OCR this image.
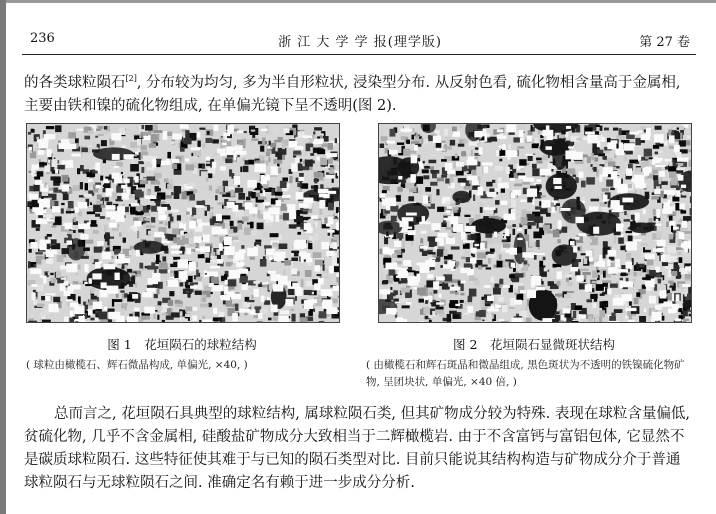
236	浙 江 大 学 学 报(理学版)	第 27 卷
的各类球粒陨石[2], 分布较为均匀, 多为半自形粒状, 浸染型分布. 从反射色看, 硫化物相含量高于金属相, 主要由铁和镍的硫化物组成, 在单偏光镜下呈不透明(图 2).
图 1　花垣陨石的球粒结构	图 2　花垣陨石显微斑状结构
( 球粒由橄榄石、辉石微晶构成, 单偏光, ×40, )	( 由橄榄石和辉石斑晶和微晶组成, 黑色斑状为不透明的铁镍硫化物矿物, 呈团块状, 单偏光, ×40 倍, )
总而言之, 花垣陨石具典型的球粒结构, 属球粒陨石类, 但其矿物成分较为特殊. 表现在球粒含量偏低, 贫硫化物, 几乎不含金属相, 硅酸盐矿物成分大致相当于二辉橄榄岩. 由于不含富钙与富铝包体, 它显然不是碳质球粒陨石. 这些特征使其难于与已知的陨石类型对比. 目前只能说其结构构造与矿物成分介于普通球粒陨石与无球粒陨石之间. 准确定名有赖于进一步成分分析.
